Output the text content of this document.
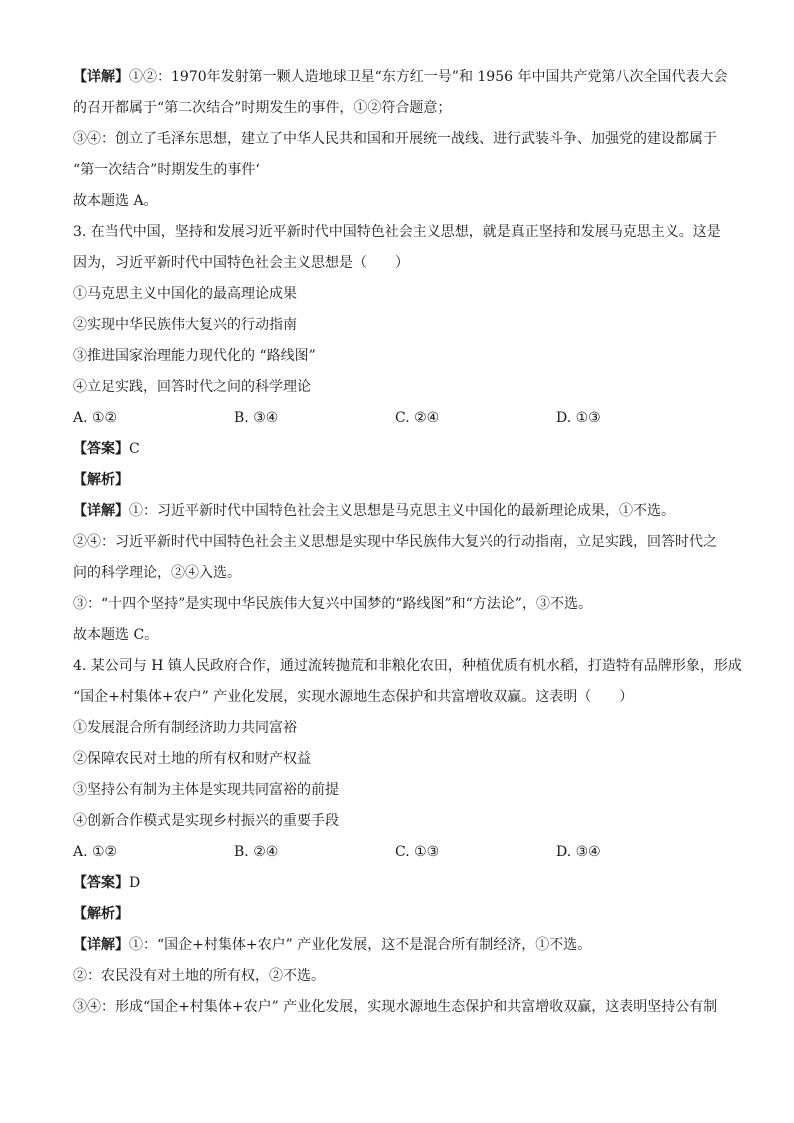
【详解】①②：1970年发射第一颗人造地球卫星“东方红一号”和 1956 年中国共产党第八次全国代表大会
的召开都属于“第二次结合”时期发生的事件，①②符合题意；
③④：创立了毛泽东思想，建立了中华人民共和国和开展统一战线、进行武装斗争、加强党的建设都属于
“第一次结合”时期发生的事件‘
故本题选 A。
3. 在当代中国，坚持和发展习近平新时代中国特色社会主义思想，就是真正坚持和发展马克思主义。这是
因为，习近平新时代中国特色社会主义思想是（　　）
①马克思主义中国化的最高理论成果
②实现中华民族伟大复兴的行动指南
③推进国家治理能力现代化的 “路线图”
④立足实践，回答时代之问的科学理论
A. ①②	B. ③④	C. ②④	D. ①③
【答案】C
【解析】
【详解】①：习近平新时代中国特色社会主义思想是马克思主义中国化的最新理论成果，①不选。
②④：习近平新时代中国特色社会主义思想是实现中华民族伟大复兴的行动指南，立足实践，回答时代之
问的科学理论，②④入选。
③：“十四个坚持”是实现中华民族伟大复兴中国梦的“路线图”和“方法论”，③不选。
故本题选 C。
4. 某公司与 H 镇人民政府合作，通过流转抛荒和非粮化农田，种植优质有机水稻，打造特有品牌形象，形成
“国企+村集体+农户” 产业化发展，实现水源地生态保护和共富增收双赢。这表明（　　）
①发展混合所有制经济助力共同富裕
②保障农民对土地的所有权和财产权益
③坚持公有制为主体是实现共同富裕的前提
④创新合作模式是实现乡村振兴的重要手段
A. ①②	B. ②④	C. ①③	D. ③④
【答案】D
【解析】
【详解】①：“国企+村集体+农户” 产业化发展，这不是混合所有制经济，①不选。
②：农民没有对土地的所有权，②不选。
③④：形成“国企+村集体+农户” 产业化发展，实现水源地生态保护和共富增收双赢，这表明坚持公有制
